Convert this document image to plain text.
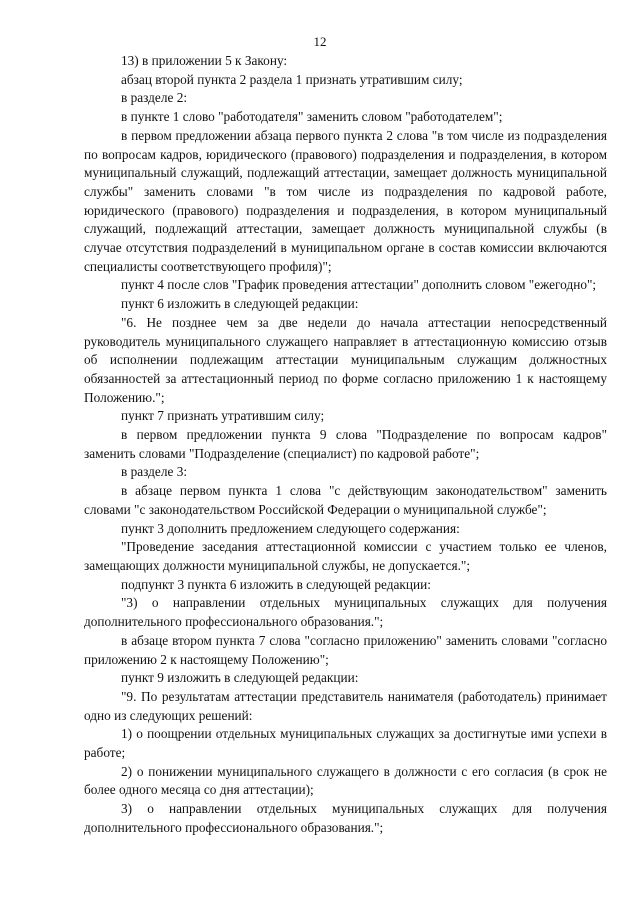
12

13) в приложении 5 к Закону:

абзац второй пункта 2 раздела 1 признать утратившим силу;

в разделе 2:

в пункте 1 слово "работодателя" заменить словом "работодателем";

в первом предложении абзаца первого пункта 2 слова "в том числе из подразделения по вопросам кадров, юридического (правового) подразделения и подразделения, в котором муниципальный служащий, подлежащий аттестации, замещает должность муниципальной службы" заменить словами "в том числе из подразделения по кадровой работе, юридического (правового) подразделения и подразделения, в котором муниципальный служащий, подлежащий аттестации, замещает должность муниципальной службы (в случае отсутствия подразделений в муниципальном органе в состав комиссии включаются специалисты соответствующего профиля)";

пункт 4 после слов "График проведения аттестации" дополнить словом "ежегодно";

пункт 6 изложить в следующей редакции:

"6. Не позднее чем за две недели до начала аттестации непосредственный руководитель муниципального служащего направляет в аттестационную комиссию отзыв об исполнении подлежащим аттестации муниципальным служащим должностных обязанностей за аттестационный период по форме согласно приложению 1 к настоящему Положению.";

пункт 7 признать утратившим силу;

в первом предложении пункта 9 слова "Подразделение по вопросам кадров" заменить словами "Подразделение (специалист) по кадровой работе";

в разделе 3:

в абзаце первом пункта 1 слова "с действующим законодательством" заменить словами "с законодательством Российской Федерации о муниципальной службе";

пункт 3 дополнить предложением следующего содержания:

"Проведение заседания аттестационной комиссии с участием только ее членов, замещающих должности муниципальной службы, не допускается.";

подпункт 3 пункта 6 изложить в следующей редакции:

"3) о направлении отдельных муниципальных служащих для получения дополнительного профессионального образования.";

в абзаце втором пункта 7 слова "согласно приложению" заменить словами "согласно приложению 2 к настоящему Положению";

пункт 9 изложить в следующей редакции:

"9. По результатам аттестации представитель нанимателя (работодатель) принимает одно из следующих решений:

1) о поощрении отдельных муниципальных служащих за достигнутые ими успехи в работе;

2) о понижении муниципального служащего в должности с его согласия (в срок не более одного месяца со дня аттестации);

3) о направлении отдельных муниципальных служащих для получения дополнительного профессионального образования.";
